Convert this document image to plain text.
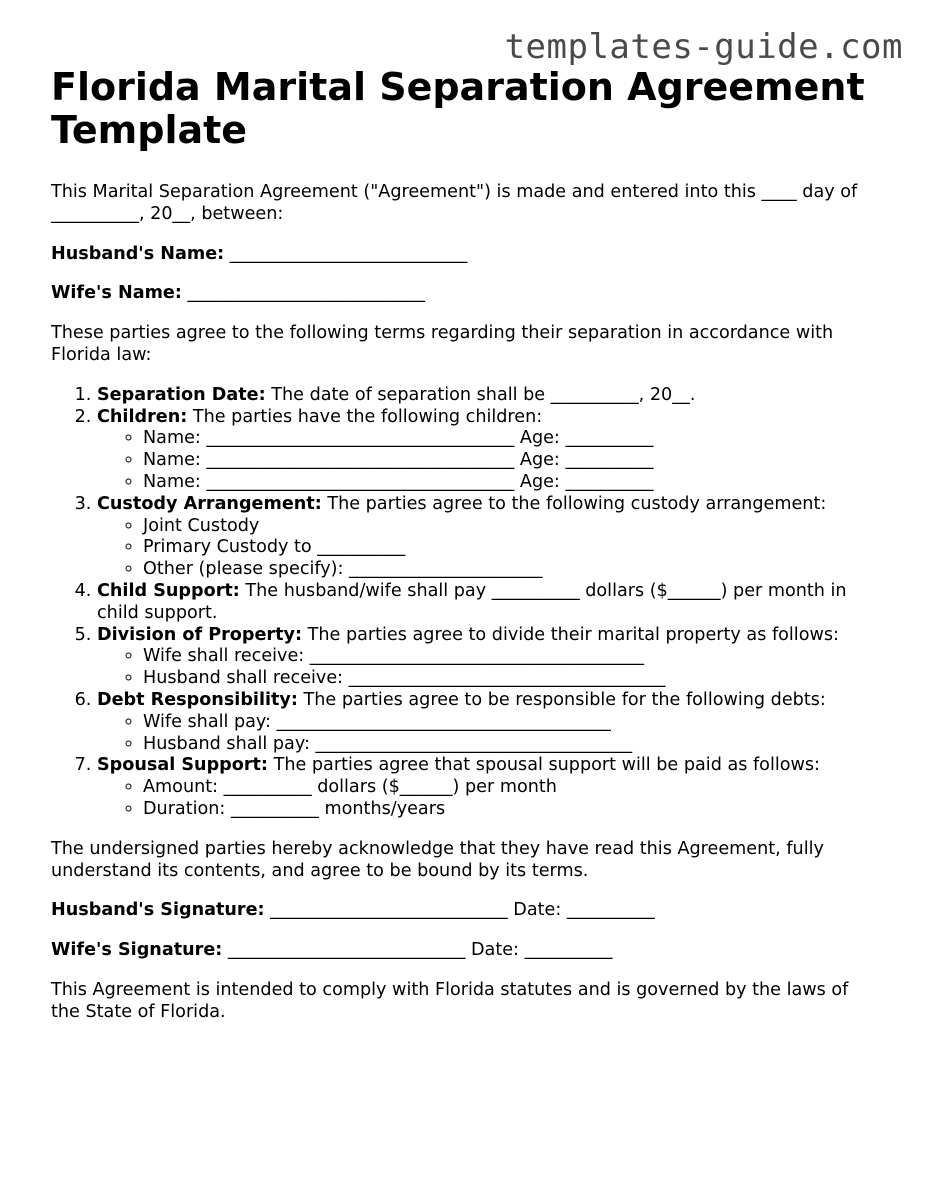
templates-guide.com
Florida Marital Separation Agreement Template

This Marital Separation Agreement ("Agreement") is made and entered into this ____ day of __________, 20__, between:

Husband's Name: ___________________________

Wife's Name: ___________________________

These parties agree to the following terms regarding their separation in accordance with Florida law:

1. Separation Date: The date of separation shall be __________, 20__.
2. Children: The parties have the following children:
◦ Name: ___________________________________ Age: __________
◦ Name: ___________________________________ Age: __________
◦ Name: ___________________________________ Age: __________
3. Custody Arrangement: The parties agree to the following custody arrangement:
◦ Joint Custody
◦ Primary Custody to __________
◦ Other (please specify): ______________________
4. Child Support: The husband/wife shall pay __________ dollars ($______) per month in child support.
5. Division of Property: The parties agree to divide their marital property as follows:
◦ Wife shall receive: ______________________________________
◦ Husband shall receive: ____________________________________
6. Debt Responsibility: The parties agree to be responsible for the following debts:
◦ Wife shall pay: ______________________________________
◦ Husband shall pay: ____________________________________
7. Spousal Support: The parties agree that spousal support will be paid as follows:
◦ Amount: __________ dollars ($______) per month
◦ Duration: __________ months/years

The undersigned parties hereby acknowledge that they have read this Agreement, fully understand its contents, and agree to be bound by its terms.

Husband's Signature: ___________________________ Date: __________

Wife's Signature: ___________________________ Date: __________

This Agreement is intended to comply with Florida statutes and is governed by the laws of the State of Florida.
